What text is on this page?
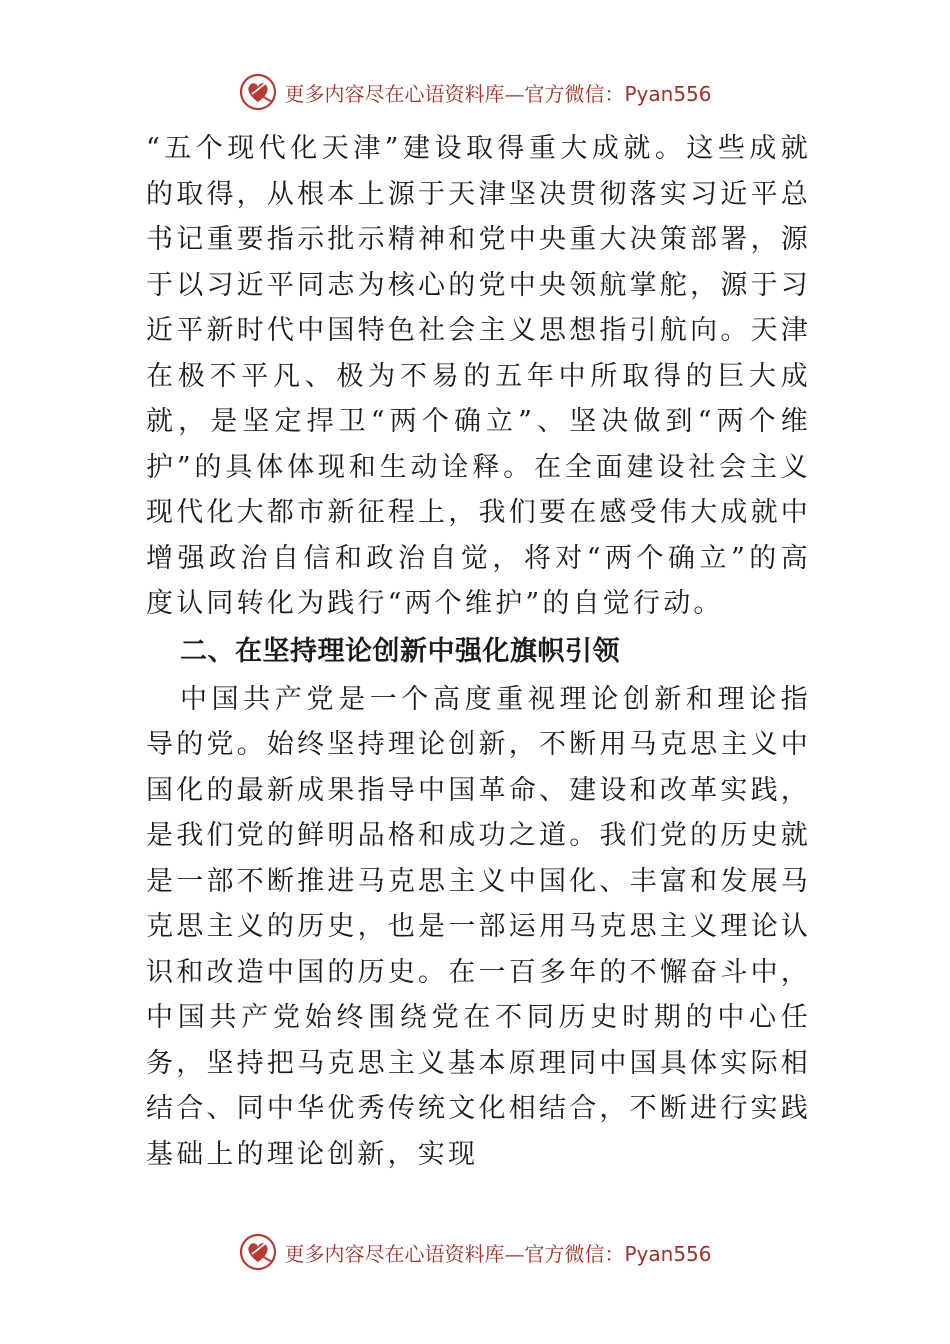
更多内容尽在心语资料库—官方微信：Pyan556

“五个现代化天津”建设取得重大成就。这些成就的取得，从根本上源于天津坚决贯彻落实习近平总书记重要指示批示精神和党中央重大决策部署，源于以习近平同志为核心的党中央领航掌舵，源于习近平新时代中国特色社会主义思想指引航向。天津在极不平凡、极为不易的五年中所取得的巨大成就，是坚定捍卫“两个确立”、坚决做到“两个维护”的具体体现和生动诠释。在全面建设社会主义现代化大都市新征程上，我们要在感受伟大成就中增强政治自信和政治自觉，将对“两个确立”的高度认同转化为践行“两个维护”的自觉行动。

二、在坚持理论创新中强化旗帜引领

中国共产党是一个高度重视理论创新和理论指导的党。始终坚持理论创新，不断用马克思主义中国化的最新成果指导中国革命、建设和改革实践，是我们党的鲜明品格和成功之道。我们党的历史就是一部不断推进马克思主义中国化、丰富和发展马克思主义的历史，也是一部运用马克思主义理论认识和改造中国的历史。在一百多年的不懈奋斗中，中国共产党始终围绕党在不同历史时期的中心任务，坚持把马克思主义基本原理同中国具体实际相结合、同中华优秀传统文化相结合，不断进行实践基础上的理论创新，实现

更多内容尽在心语资料库—官方微信：Pyan556
